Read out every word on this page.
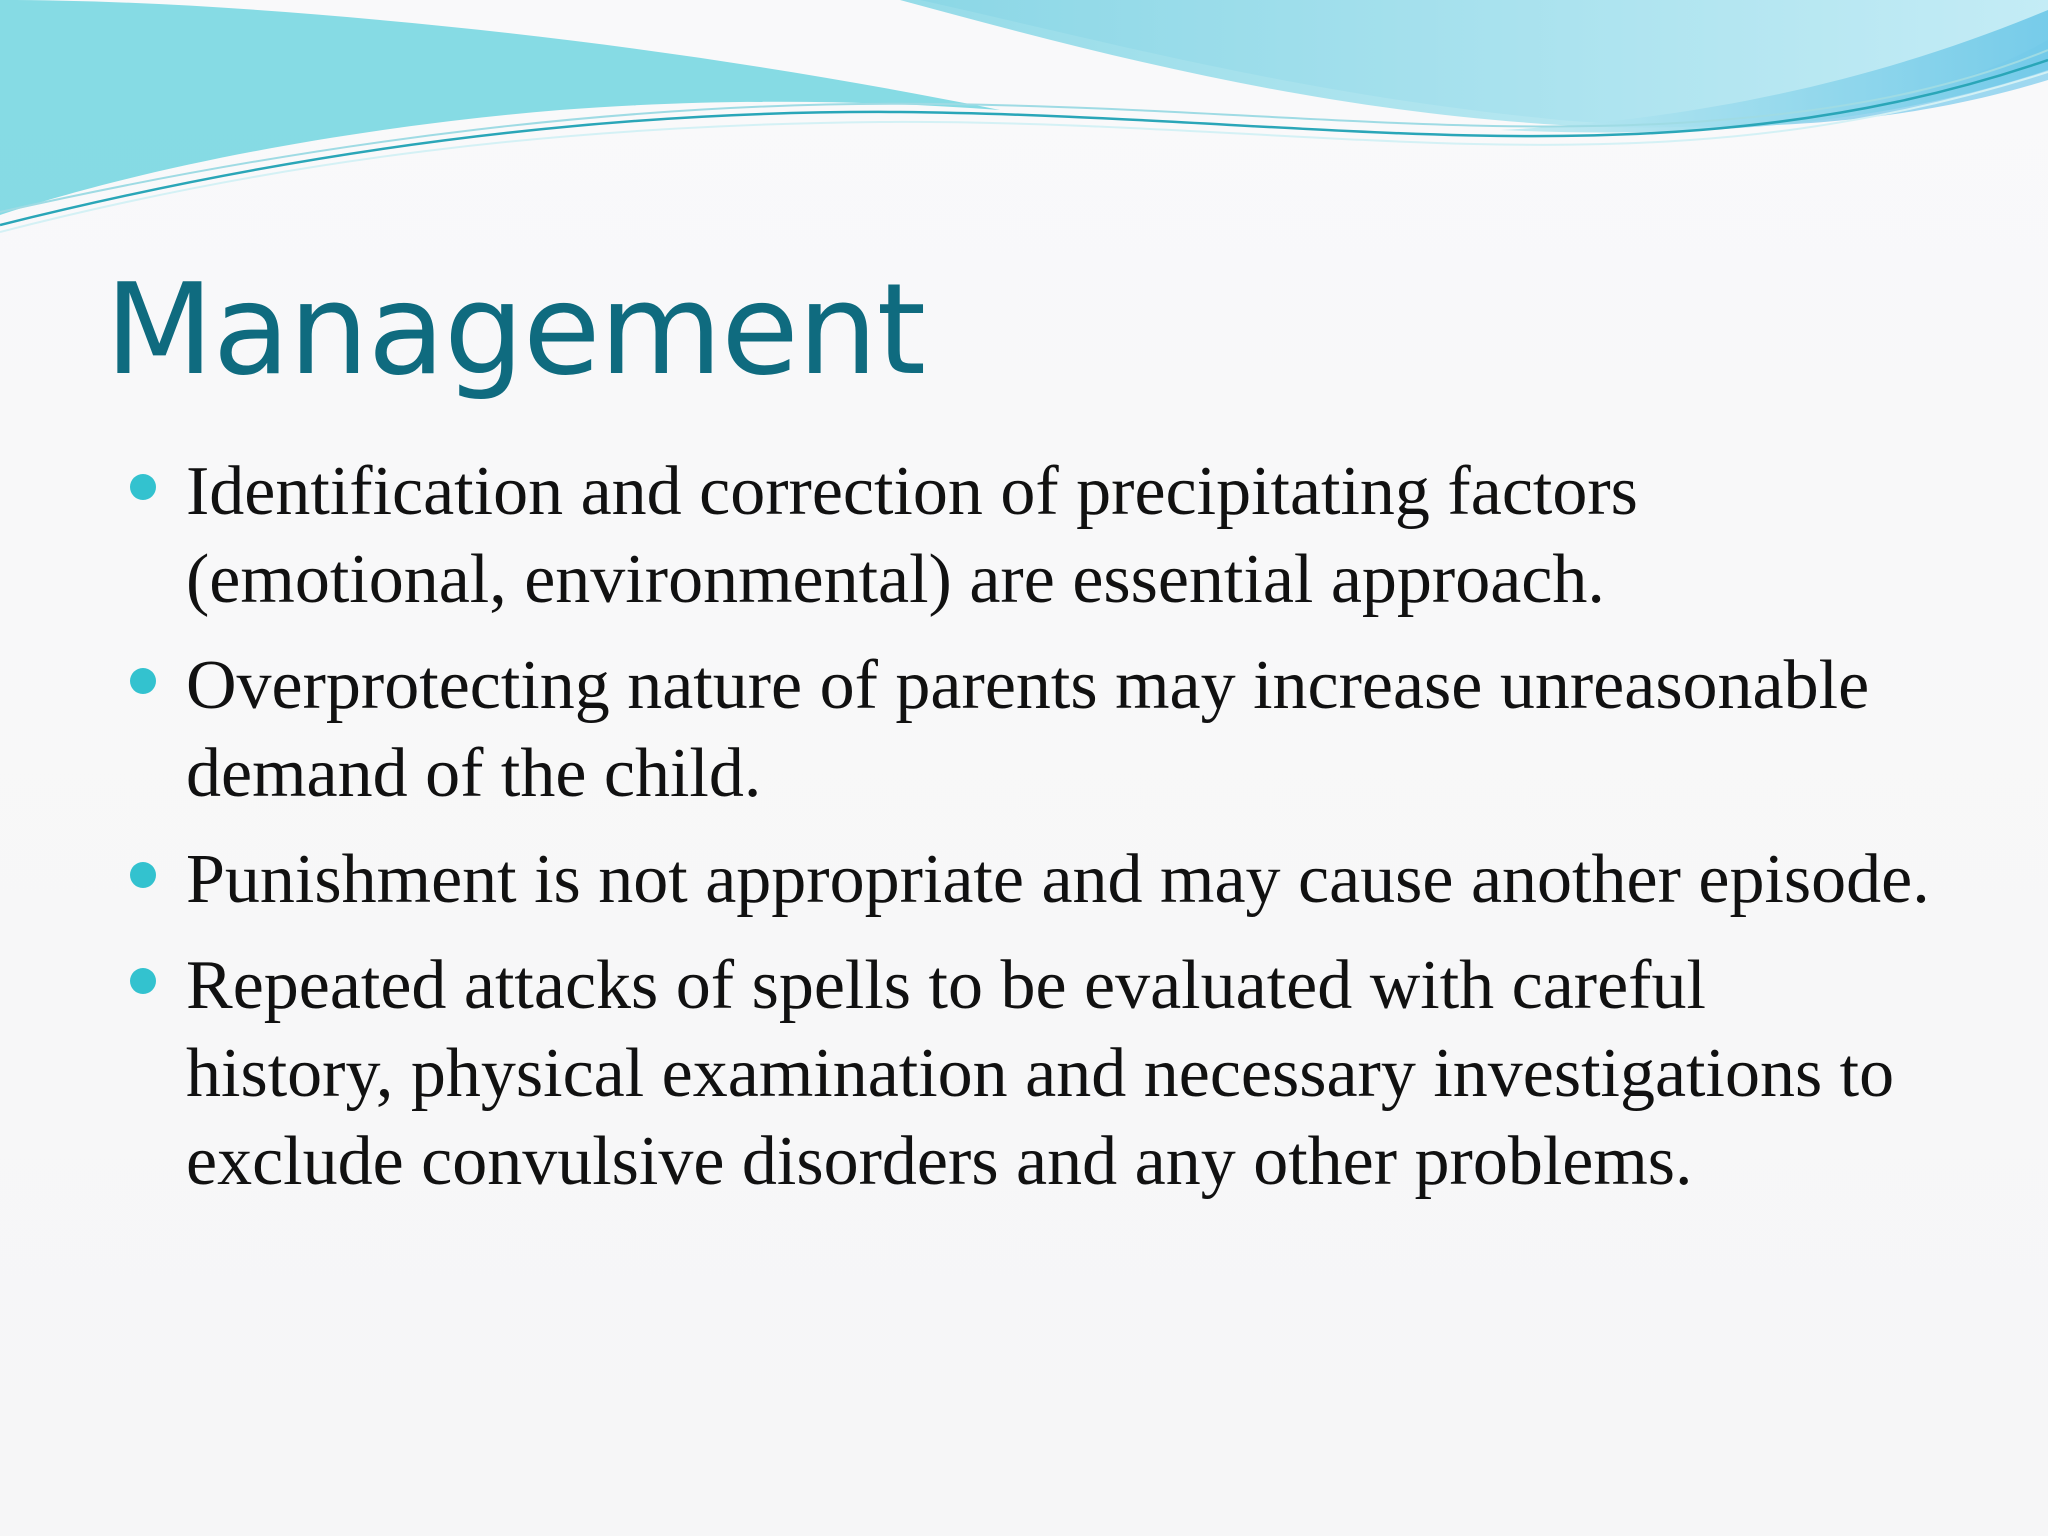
Management
Identification and correction of precipitating factors (emotional, environmental) are essential approach.
Overprotecting nature of parents may increase unreasonable demand of the child.
Punishment is not appropriate and may cause another episode.
Repeated attacks of spells to be evaluated with careful history, physical examination and necessary investigations to exclude convulsive disorders and any other problems.
